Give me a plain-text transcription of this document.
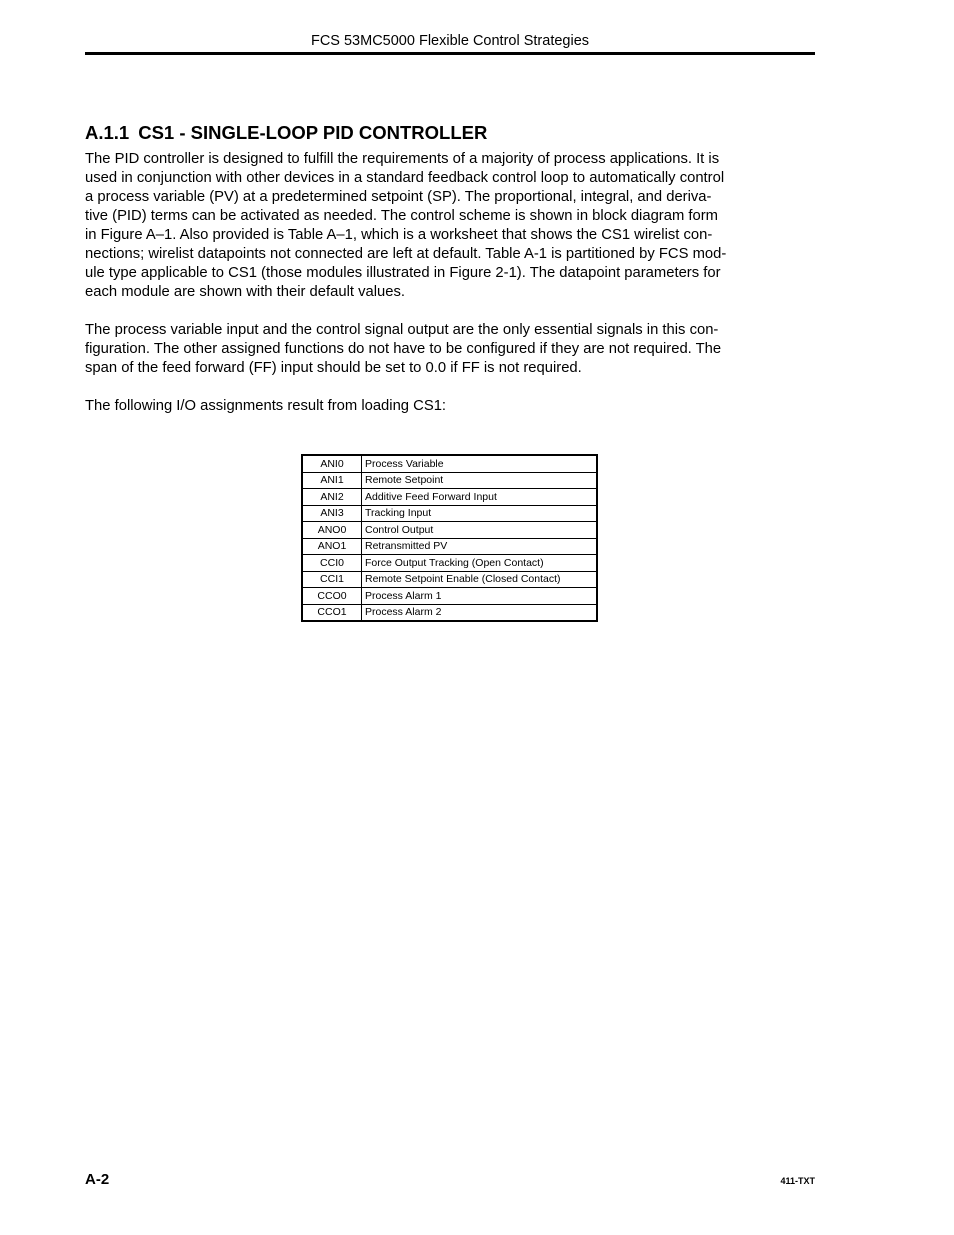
FCS 53MC5000 Flexible Control Strategies
A.1.1 CS1 - SINGLE-LOOP PID CONTROLLER
The PID controller is designed to fulfill the requirements of a majority of process applications. It is
used in conjunction with other devices in a standard feedback control loop to automatically control
a process variable (PV) at a predetermined setpoint (SP). The proportional, integral, and deriva-
tive (PID) terms can be activated as needed. The control scheme is shown in block diagram form
in Figure A–1. Also provided is Table A–1, which is a worksheet that shows the CS1 wirelist con-
nections; wirelist datapoints not connected are left at default. Table A-1 is partitioned by FCS mod-
ule type applicable to CS1 (those modules illustrated in Figure 2-1). The datapoint parameters for
each module are shown with their default values.
The process variable input and the control signal output are the only essential signals in this con-
figuration. The other assigned functions do not have to be configured if they are not required. The
span of the feed forward (FF) input should be set to 0.0 if FF is not required.
The following I/O assignments result from loading CS1:
ANI0	Process Variable
ANI1	Remote Setpoint
ANI2	Additive Feed Forward Input
ANI3	Tracking Input
ANO0	Control Output
ANO1	Retransmitted PV
CCI0	Force Output Tracking (Open Contact)
CCI1	Remote Setpoint Enable (Closed Contact)
CCO0	Process Alarm 1
CCO1	Process Alarm 2
A-2	411-TXT
